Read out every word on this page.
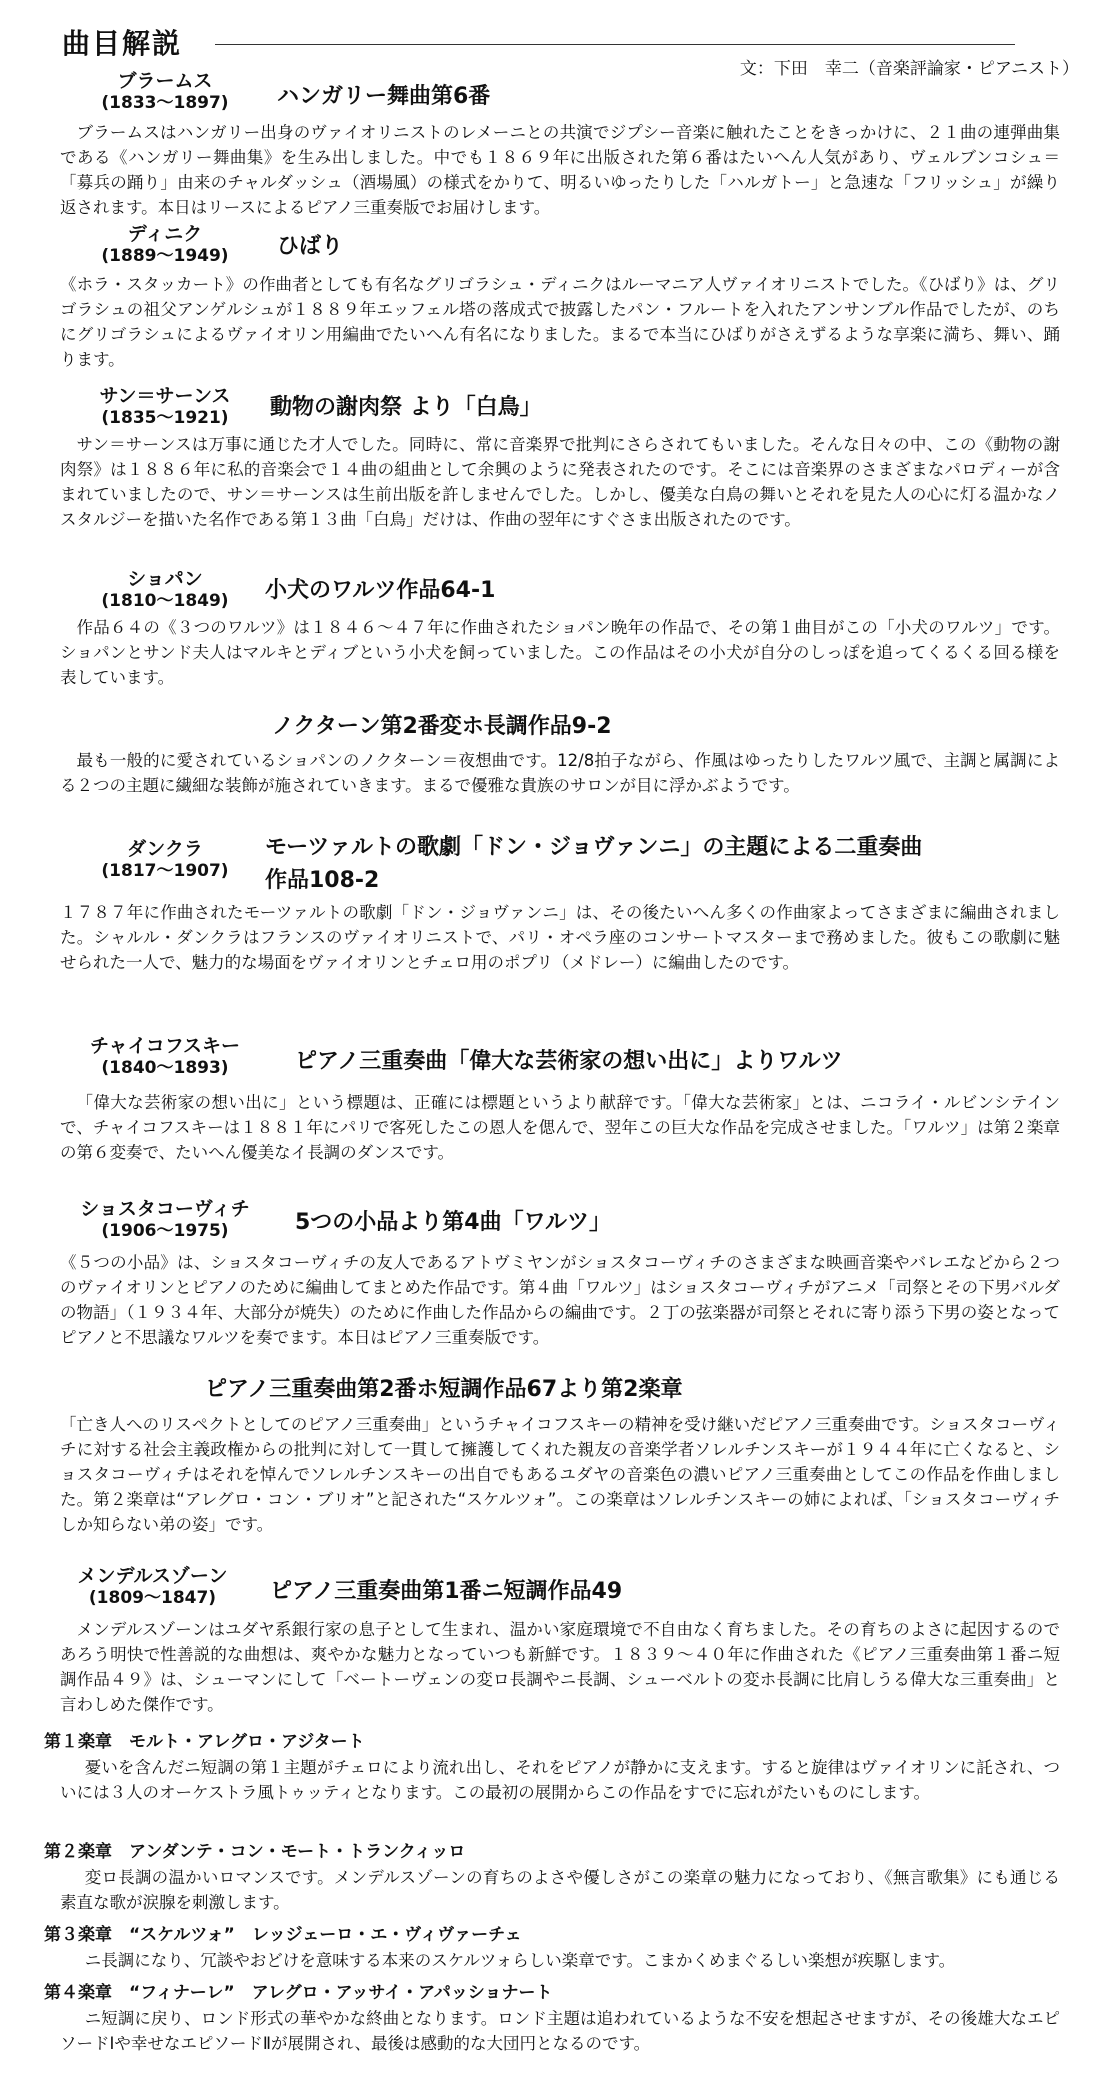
曲目解説
文：下田　幸二（音楽評論家・ピアニスト）
ブラームス
(1833〜1897)	ハンガリー舞曲第6番
ブラームスはハンガリー出身のヴァイオリニストのレメーニとの共演でジプシー音楽に触れたことをきっかけに、２１曲の連弾曲集である《ハンガリー舞曲集》を生み出しました。中でも１８６９年に出版された第６番はたいへん人気があり、ヴェルブンコシュ＝「募兵の踊り」由来のチャルダッシュ（酒場風）の様式をかりて、明るいゆったりした「ハルガトー」と急速な「フリッシュ」が繰り返されます。本日はリースによるピアノ三重奏版でお届けします。
ディニク
(1889〜1949)	ひばり
《ホラ・スタッカート》の作曲者としても有名なグリゴラシュ・ディニクはルーマニア人ヴァイオリニストでした。《ひばり》は、グリゴラシュの祖父アンゲルシュが１８８９年エッフェル塔の落成式で披露したパン・フルートを入れたアンサンブル作品でしたが、のちにグリゴラシュによるヴァイオリン用編曲でたいへん有名になりました。まるで本当にひばりがさえずるような享楽に満ち、舞い、踊ります。
サン＝サーンス
(1835〜1921)	動物の謝肉祭 より「白鳥」
サン＝サーンスは万事に通じた才人でした。同時に、常に音楽界で批判にさらされてもいました。そんな日々の中、この《動物の謝肉祭》は１８８６年に私的音楽会で１４曲の組曲として余興のように発表されたのです。そこには音楽界のさまざまなパロディーが含まれていましたので、サン＝サーンスは生前出版を許しませんでした。しかし、優美な白鳥の舞いとそれを見た人の心に灯る温かなノスタルジーを描いた名作である第１３曲「白鳥」だけは、作曲の翌年にすぐさま出版されたのです。
ショパン
(1810〜1849)	小犬のワルツ作品64-1
作品６４の《３つのワルツ》は１８４６〜４７年に作曲されたショパン晩年の作品で、その第１曲目がこの「小犬のワルツ」です。ショパンとサンド夫人はマルキとディブという小犬を飼っていました。この作品はその小犬が自分のしっぽを追ってくるくる回る様を表しています。
ノクターン第2番変ホ長調作品9-2
最も一般的に愛されているショパンのノクターン＝夜想曲です。12/8拍子ながら、作風はゆったりしたワルツ風で、主調と属調による２つの主題に繊細な装飾が施されていきます。まるで優雅な貴族のサロンが目に浮かぶようです。
ダンクラ
(1817〜1907)
モーツァルトの歌劇「ドン・ジョヴァンニ」の主題による二重奏曲
作品108-2
１７８７年に作曲されたモーツァルトの歌劇「ドン・ジョヴァンニ」は、その後たいへん多くの作曲家よってさまざまに編曲されました。シャルル・ダンクラはフランスのヴァイオリニストで、パリ・オペラ座のコンサートマスターまで務めました。彼もこの歌劇に魅せられた一人で、魅力的な場面をヴァイオリンとチェロ用のポプリ（メドレー）に編曲したのです。
チャイコフスキー
(1840〜1893)	ピアノ三重奏曲「偉大な芸術家の想い出に」よりワルツ
「偉大な芸術家の想い出に」という標題は、正確には標題というより献辞です。「偉大な芸術家」とは、ニコライ・ルビンシテインで、チャイコフスキーは１８８１年にパリで客死したこの恩人を偲んで、翌年この巨大な作品を完成させました。「ワルツ」は第２楽章の第６変奏で、たいへん優美なイ長調のダンスです。
ショスタコーヴィチ
(1906〜1975)	5つの小品より第4曲「ワルツ」
《５つの小品》は、ショスタコーヴィチの友人であるアトヴミヤンがショスタコーヴィチのさまざまな映画音楽やバレエなどから２つのヴァイオリンとピアノのために編曲してまとめた作品です。第４曲「ワルツ」はショスタコーヴィチがアニメ「司祭とその下男バルダの物語」（１９３４年、大部分が焼失）のために作曲した作品からの編曲です。２丁の弦楽器が司祭とそれに寄り添う下男の姿となってピアノと不思議なワルツを奏でます。本日はピアノ三重奏版です。
ピアノ三重奏曲第2番ホ短調作品67より第2楽章
「亡き人へのリスペクトとしてのピアノ三重奏曲」というチャイコフスキーの精神を受け継いだピアノ三重奏曲です。ショスタコーヴィチに対する社会主義政権からの批判に対して一貫して擁護してくれた親友の音楽学者ソレルチンスキーが１９４４年に亡くなると、ショスタコーヴィチはそれを悼んでソレルチンスキーの出自でもあるユダヤの音楽色の濃いピアノ三重奏曲としてこの作品を作曲しました。第２楽章は“アレグロ・コン・ブリオ”と記された“スケルツォ”。この楽章はソレルチンスキーの姉によれば、「ショスタコーヴィチしか知らない弟の姿」です。
メンデルスゾーン
(1809〜1847)	ピアノ三重奏曲第1番ニ短調作品49
メンデルスゾーンはユダヤ系銀行家の息子として生まれ、温かい家庭環境で不自由なく育ちました。その育ちのよさに起因するのであろう明快で性善説的な曲想は、爽やかな魅力となっていつも新鮮です。１８３９〜４０年に作曲された《ピアノ三重奏曲第１番ニ短調作品４９》は、シューマンにして「ベートーヴェンの変ロ長調やニ長調、シューベルトの変ホ長調に比肩しうる偉大な三重奏曲」と言わしめた傑作です。
第１楽章　モルト・アレグロ・アジタート
憂いを含んだニ短調の第１主題がチェロにより流れ出し、それをピアノが静かに支えます。すると旋律はヴァイオリンに託され、ついには３人のオーケストラ風トゥッティとなります。この最初の展開からこの作品をすでに忘れがたいものにします。
第２楽章　アンダンテ・コン・モート・トランクィッロ
変ロ長調の温かいロマンスです。メンデルスゾーンの育ちのよさや優しさがこの楽章の魅力になっており、《無言歌集》にも通じる素直な歌が涙腺を刺激します。
第３楽章　“スケルツォ”　レッジェーロ・エ・ヴィヴァーチェ
ニ長調になり、冗談やおどけを意味する本来のスケルツォらしい楽章です。こまかくめまぐるしい楽想が疾駆します。
第４楽章　“フィナーレ”　アレグロ・アッサイ・アパッショナート
ニ短調に戻り、ロンド形式の華やかな終曲となります。ロンド主題は追われているような不安を想起させますが、その後雄大なエピソードⅠや幸せなエピソードⅡが展開され、最後は感動的な大団円となるのです。
